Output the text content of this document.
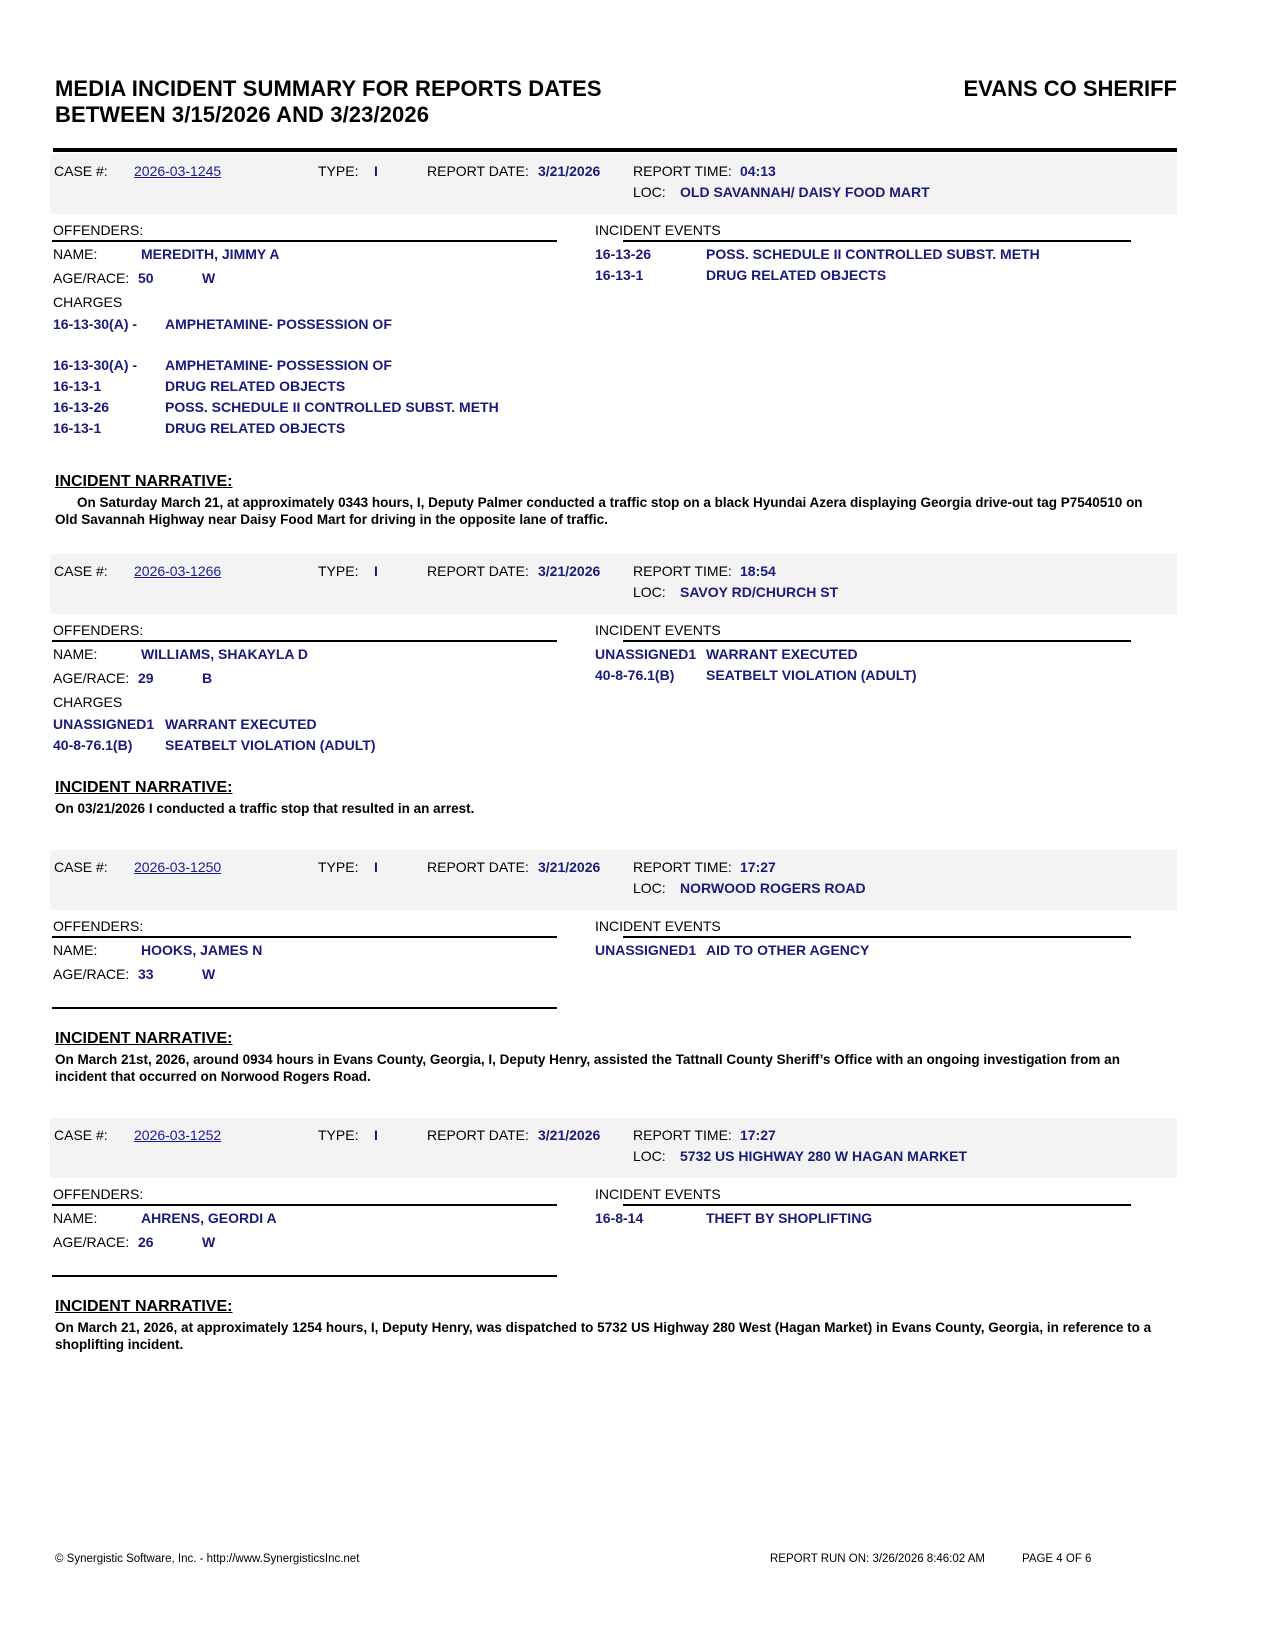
MEDIA INCIDENT SUMMARY FOR REPORTS DATES
BETWEEN 3/15/2026 AND 3/23/2026
EVANS CO SHERIFF
CASE #: 2026-03-1245	TYPE: I	REPORT DATE: 3/21/2026 REPORT TIME: 04:13
LOC: OLD SAVANNAH/ DAISY FOOD MART
OFFENDERS:	INCIDENT EVENTS
NAME:	MEREDITH, JIMMY A
AGE/RACE: 50	W
CHARGES
16-13-30(A) - AMPHETAMINE- POSSESSION OF
16-13-30(A) - AMPHETAMINE- POSSESSION OF
16-13-1	DRUG RELATED OBJECTS
16-13-26	POSS. SCHEDULE II CONTROLLED SUBST. METH
16-13-1	DRUG RELATED OBJECTS
16-13-26	POSS. SCHEDULE II CONTROLLED SUBST. METH
16-13-1	DRUG RELATED OBJECTS
INCIDENT NARRATIVE:

On Saturday March 21, at approximately 0343 hours, I, Deputy Palmer conducted a traffic stop on a black Hyundai Azera displaying Georgia drive-out tag P7540510 on Old Savannah Highway near Daisy Food Mart for driving in the opposite lane of traffic.

CASE #: 2026-03-1266	TYPE: I	REPORT DATE: 3/21/2026 REPORT TIME: 18:54
LOC: SAVOY RD/CHURCH ST
OFFENDERS:	INCIDENT EVENTS
NAME:	WILLIAMS, SHAKAYLA D
AGE/RACE: 29	B
CHARGES
UNASSIGNED1 WARRANT EXECUTED
40-8-76.1(B) SEATBELT VIOLATION (ADULT)
UNASSIGNED1 WARRANT EXECUTED
40-8-76.1(B) SEATBELT VIOLATION (ADULT)
INCIDENT NARRATIVE:

On 03/21/2026 I conducted a traffic stop that resulted in an arrest.

CASE #: 2026-03-1250	TYPE: I	REPORT DATE: 3/21/2026 REPORT TIME: 17:27
LOC: NORWOOD ROGERS ROAD
OFFENDERS:	INCIDENT EVENTS
NAME:	HOOKS, JAMES N
AGE/RACE: 33	W
UNASSIGNED1 AID TO OTHER AGENCY
INCIDENT NARRATIVE:

On March 21st, 2026, around 0934 hours in Evans County, Georgia, I, Deputy Henry, assisted the Tattnall County Sheriff’s Office with an ongoing investigation from an incident that occurred on Norwood Rogers Road.

CASE #: 2026-03-1252	TYPE: I	REPORT DATE: 3/21/2026 REPORT TIME: 17:27
LOC: 5732 US HIGHWAY 280 W HAGAN MARKET
OFFENDERS:	INCIDENT EVENTS
NAME:	AHRENS, GEORDI A
AGE/RACE: 26	W
16-8-14	THEFT BY SHOPLIFTING
INCIDENT NARRATIVE:

On March 21, 2026, at approximately 1254 hours, I, Deputy Henry, was dispatched to 5732 US Highway 280 West (Hagan Market) in Evans County, Georgia, in reference to a shoplifting incident.

© Synergistic Software, Inc. - http://www.SynergisticsInc.net	REPORT RUN ON: 3/26/2026 8:46:02 AM	PAGE 4 OF 6
